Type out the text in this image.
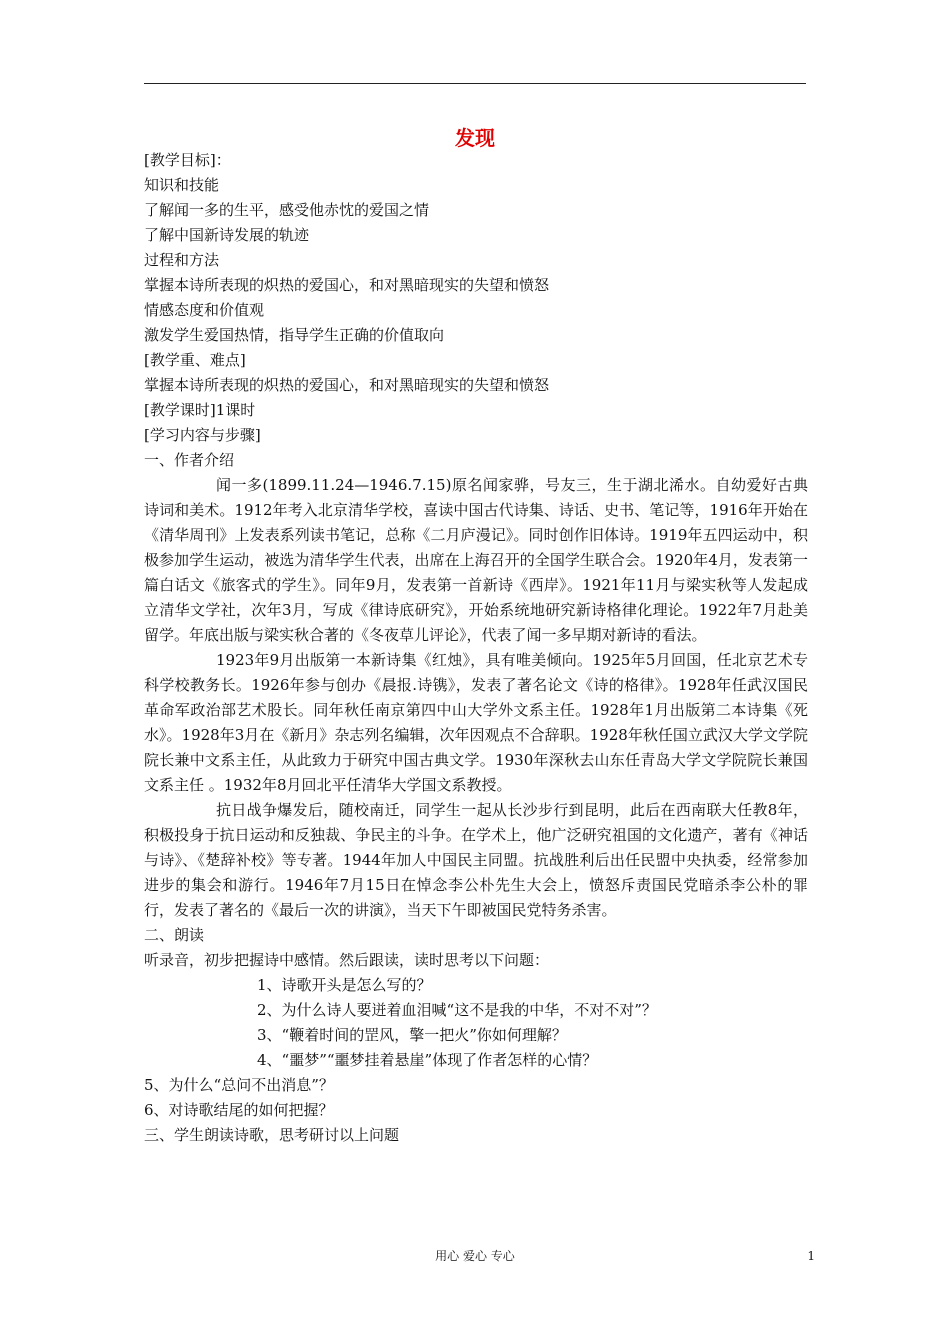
发现
[教学目标]：
知识和技能
了解闻一多的生平，感受他赤忱的爱国之情
了解中国新诗发展的轨迹
过程和方法
掌握本诗所表现的炽热的爱国心，和对黑暗现实的失望和愤怒
情感态度和价值观
激发学生爱国热情，指导学生正确的价值取向
[教学重、难点]
掌握本诗所表现的炽热的爱国心，和对黑暗现实的失望和愤怒
[教学课时]1课时
[学习内容与步骤]
一、作者介绍
闻一多(1899.11.24—1946.7.15)原名闻家骅，号友三，生于湖北浠水。自幼爱好古典诗词和美术。1912年考入北京清华学校，喜读中国古代诗集、诗话、史书、笔记等，1916年开始在《清华周刊》上发表系列读书笔记，总称《二月庐漫记》。同时创作旧体诗。1919年五四运动中，积极参加学生运动，被选为清华学生代表，出席在上海召开的全国学生联合会。1920年4月，发表第一篇白话文《旅客式的学生》。同年9月，发表第一首新诗《西岸》。1921年11月与梁实秋等人发起成立清华文学社，次年3月，写成《律诗底研究》，开始系统地研究新诗格律化理论。1922年7月赴美留学。年底出版与梁实秋合著的《冬夜草儿评论》，代表了闻一多早期对新诗的看法。
1923年9月出版第一本新诗集《红烛》，具有唯美倾向。1925年5月回国，任北京艺术专科学校教务长。1926年参与创办《晨报.诗镌》，发表了著名论文《诗的格律》。1928年任武汉国民革命军政治部艺术股长。同年秋任南京第四中山大学外文系主任。1928年1月出版第二本诗集《死水》。1928年3月在《新月》杂志列名编辑，次年因观点不合辞职。1928年秋任国立武汉大学文学院院长兼中文系主任，从此致力于研究中国古典文学。1930年深秋去山东任青岛大学文学院院长兼国文系主任 。1932年8月回北平任清华大学国文系教授。
抗日战争爆发后，随校南迁，同学生一起从长沙步行到昆明，此后在西南联大任教8年，积极投身于抗日运动和反独裁、争民主的斗争。在学术上，他广泛研究祖国的文化遗产，著有《神话与诗》、《楚辞补校》等专著。1944年加人中国民主同盟。抗战胜利后出任民盟中央执委，经常参加进步的集会和游行。1946年7月15日在悼念李公朴先生大会上，愤怒斥责国民党暗杀李公朴的罪行，发表了著名的《最后一次的讲演》，当天下午即被国民党特务杀害。
二、朗读
听录音，初步把握诗中感情。然后跟读，读时思考以下问题：
1、诗歌开头是怎么写的？
2、为什么诗人要迸着血泪喊“这不是我的中华，不对不对”？
3、“鞭着时间的罡风，擎一把火”你如何理解？
4、“噩梦”“噩梦挂着悬崖”体现了作者怎样的心情？
5、为什么“总问不出消息”？
6、对诗歌结尾的如何把握？
三、学生朗读诗歌，思考研讨以上问题
用心 爱心 专心	1
